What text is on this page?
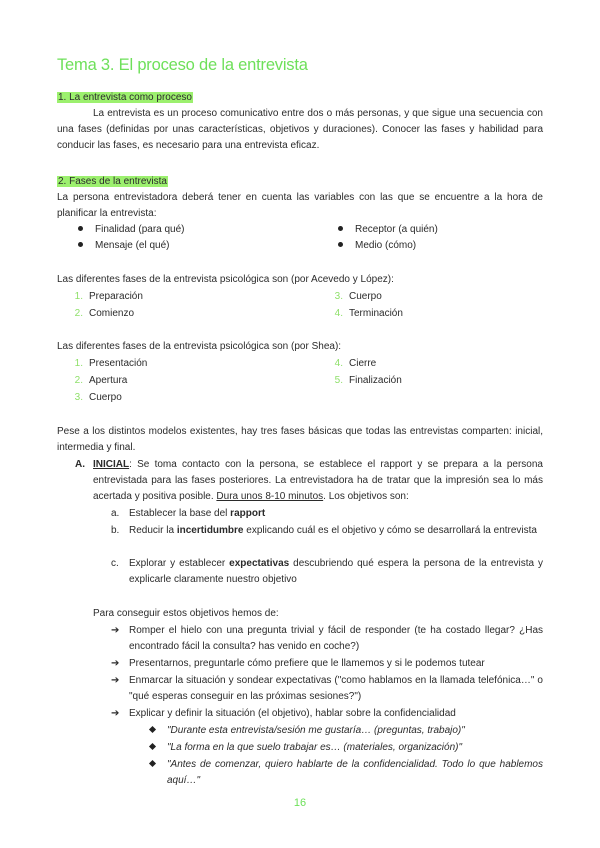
Tema 3. El proceso de la entrevista
1. La entrevista como proceso
La entrevista es un proceso comunicativo entre dos o más personas, y que sigue una secuencia con una fases (definidas por unas características, objetivos y duraciones). Conocer las fases y habilidad para conducir las fases, es necesario para una entrevista eficaz.
2. Fases de la entrevista
La persona entrevistadora deberá tener en cuenta las variables con las que se encuentre a la hora de planificar la entrevista:
Finalidad (para qué)
Mensaje (el qué)
Receptor (a quién)
Medio (cómo)
Las diferentes fases de la entrevista psicológica son (por Acevedo y López):
1. Preparación
2. Comienzo
3. Cuerpo
4. Terminación
Las diferentes fases de la entrevista psicológica son (por Shea):
1. Presentación
2. Apertura
3. Cuerpo
4. Cierre
5. Finalización
Pese a los distintos modelos existentes, hay tres fases básicas que todas las entrevistas comparten: inicial, intermedia y final.
A. INICIAL: Se toma contacto con la persona, se establece el rapport y se prepara a la persona entrevistada para las fases posteriores. La entrevistadora ha de tratar que la impresión sea lo más acertada y positiva posible. Dura unos 8-10 minutos. Los objetivos son:
a. Establecer la base del rapport
b. Reducir la incertidumbre explicando cuál es el objetivo y cómo se desarrollará la entrevista
c. Explorar y establecer expectativas descubriendo qué espera la persona de la entrevista y explicarle claramente nuestro objetivo
Para conseguir estos objetivos hemos de:
➔ Romper el hielo con una pregunta trivial y fácil de responder (te ha costado llegar? ¿Has encontrado fácil la consulta? has venido en coche?)
➔ Presentarnos, preguntarle cómo prefiere que le llamemos y si le podemos tutear
➔ Enmarcar la situación y sondear expectativas ("como hablamos en la llamada telefónica…" o "qué esperas conseguir en las próximas sesiones?")
➔ Explicar y definir la situación (el objetivo), hablar sobre la confidencialidad
"Durante esta entrevista/sesión me gustaría… (preguntas, trabajo)"
"La forma en la que suelo trabajar es… (materiales, organización)"
"Antes de comenzar, quiero hablarte de la confidencialidad. Todo lo que hablemos aquí…"
16
